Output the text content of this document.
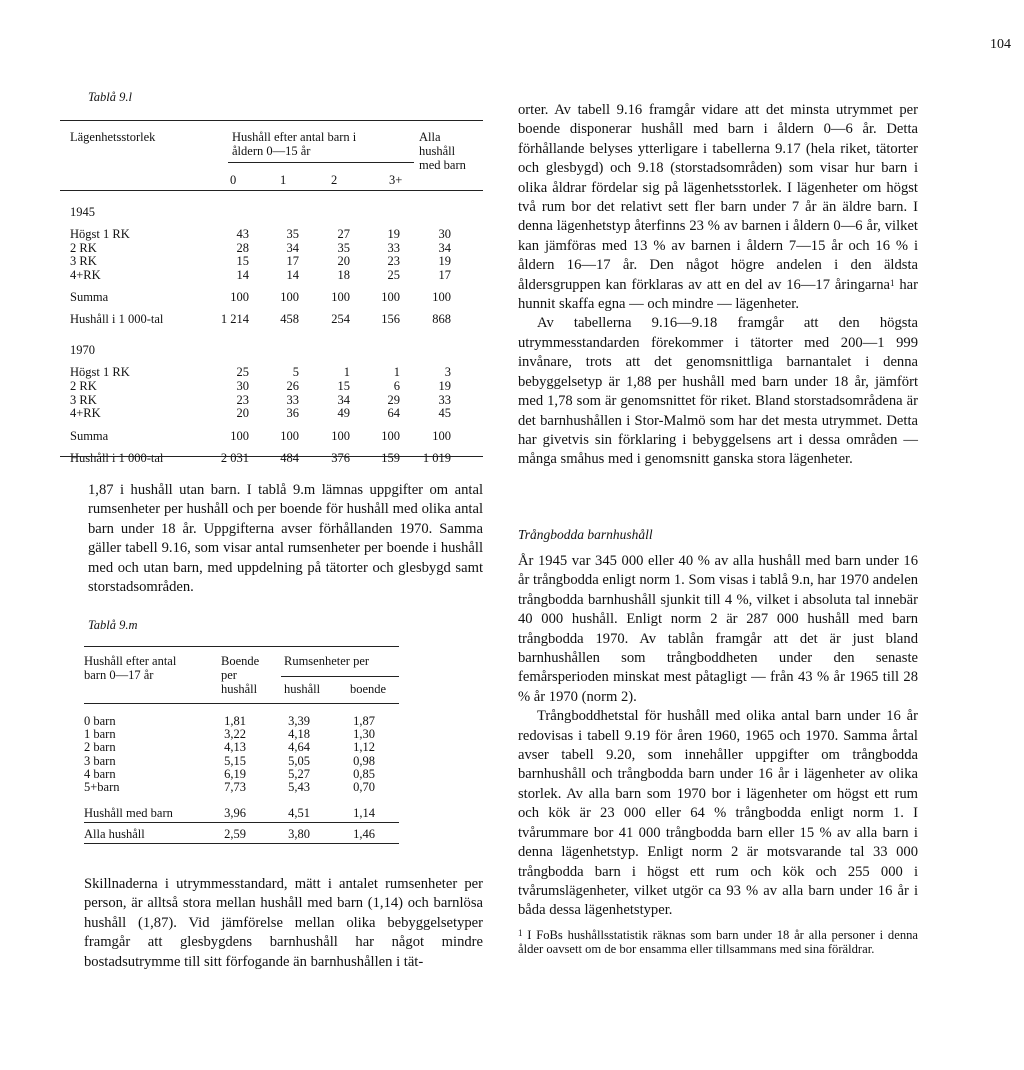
104
Tablå 9.l
Lägenhetsstorlek	Hushåll efter antal barn i
åldern 0—15 år
Alla
hushåll
med barn
0	1	2	3+
1945
Högst 1 RK	43	35	27	19	30
2 RK	28	34	35	33	34
3 RK	15	17	20	23	19
4+RK	14	14	18	25	17
Summa	100	100	100	100	100
Hushåll i 1 000-tal	1 214	458	254	156	868
1970
Högst 1 RK	25	5	1	1	3
2 RK	30	26	15	6	19
3 RK	23	33	34	29	33
4+RK	20	36	49	64	45
Summa	100	100	100	100	100
Hushåll i 1 000-tal	2 031	484	376	159	1 019

1,87 i hushåll utan barn. I tablå 9.m lämnas uppgifter om antal rumsenheter per hushåll och per boende för hushåll med olika antal barn under 18 år. Uppgifterna avser förhållanden 1970. Samma gäller tabell 9.16, som visar antal rumsenheter per boende i hushåll med och utan barn, med uppdelning på tätorter och glesbygd samt storstadsområden.

Tablå 9.m
Hushåll efter antal
barn 0—17 år
Boende
per
hushåll
Rumsenheter per
hushåll boende
0 barn	1,81	3,39	1,87
1 barn	3,22	4,18	1,30
2 barn	4,13	4,64	1,12
3 barn	5,15	5,05	0,98
4 barn	6,19	5,27	0,85
5+barn	7,73	5,43	0,70
Hushåll med barn	3,96	4,51	1,14
Alla hushåll	2,59	3,80	1,46

Skillnaderna i utrymmesstandard, mätt i antalet rumsenheter per person, är alltså stora mellan hushåll med barn (1,14) och barnlösa hushåll (1,87). Vid jämförelse mellan olika bebyggelsetyper framgår att glesbygdens barnhushåll har något mindre bostadsutrymme till sitt förfogande än barnhushållen i tät-

orter. Av tabell 9.16 framgår vidare att det minsta utrymmet per boende disponerar hushåll med barn i åldern 0—6 år. Detta förhållande belyses ytterligare i tabellerna 9.17 (hela riket, tätorter och glesbygd) och 9.18 (storstadsområden) som visar hur barn i olika åldrar fördelar sig på lägenhetsstorlek. I lägenheter om högst två rum bor det relativt sett fler barn under 7 år än äldre barn. I denna lägenhetstyp återfinns 23 % av barnen i åldern 0—6 år, vilket kan jämföras med 13 % av barnen i åldern 7—15 år och 16 % i åldern 16—17 år. Den något högre andelen i den äldsta åldersgruppen kan förklaras av att en del av 16—17 åringarna$^1$ har hunnit skaffa egna — och mindre — lägenheter.

Av tabellerna 9.16—9.18 framgår att den högsta utrymmesstandarden förekommer i tätorter med 200—1 999 invånare, trots att det genomsnittliga barnantalet i denna bebyggelsetyp är 1,88 per hushåll med barn under 18 år, jämfört med 1,78 som är genomsnittet för riket. Bland storstadsområdena är det barnhushållen i Stor-Malmö som har det mesta utrymmet. Detta har givetvis sin förklaring i bebyggelsens art i dessa områden — många småhus med i genomsnitt ganska stora lägenheter.

Trångbodda barnhushåll

År 1945 var 345 000 eller 40 % av alla hushåll med barn under 16 år trångbodda enligt norm 1. Som visas i tablå 9.n, har 1970 andelen trångbodda barnhushåll sjunkit till 4 %, vilket i absoluta tal innebär 40 000 hushåll. Enligt norm 2 är 287 000 hushåll med barn trångbodda 1970. Av tablån framgår att det är just bland barnhushållen som trångboddheten under den senaste femårsperioden minskat mest påtagligt — från 43 % år 1965 till 28 % år 1970 (norm 2).

Trångboddhetstal för hushåll med olika antal barn under 16 år redovisas i tabell 9.19 för åren 1960, 1965 och 1970. Samma årtal avser tabell 9.20, som innehåller uppgifter om trångbodda barnhushåll och trångbodda barn under 16 år i lägenheter av olika storlek. Av alla barn som 1970 bor i lägenheter om högst ett rum och kök är 23 000 eller 64 % trångbodda enligt norm 1. I tvårummare bor 41 000 trångbodda barn eller 15 % av alla barn i denna lägenhetstyp. Enligt norm 2 är motsvarande tal 33 000 trångbodda barn i högst ett rum och kök och 255 000 i tvårumslägenheter, vilket utgör ca 93 % av alla barn under 16 år i båda dessa lägenhetstyper.

$^1$ I FoBs hushållsstatistik räknas som barn under 18 år alla personer i denna ålder oavsett om de bor ensamma eller tillsammans med sina föräldrar.
